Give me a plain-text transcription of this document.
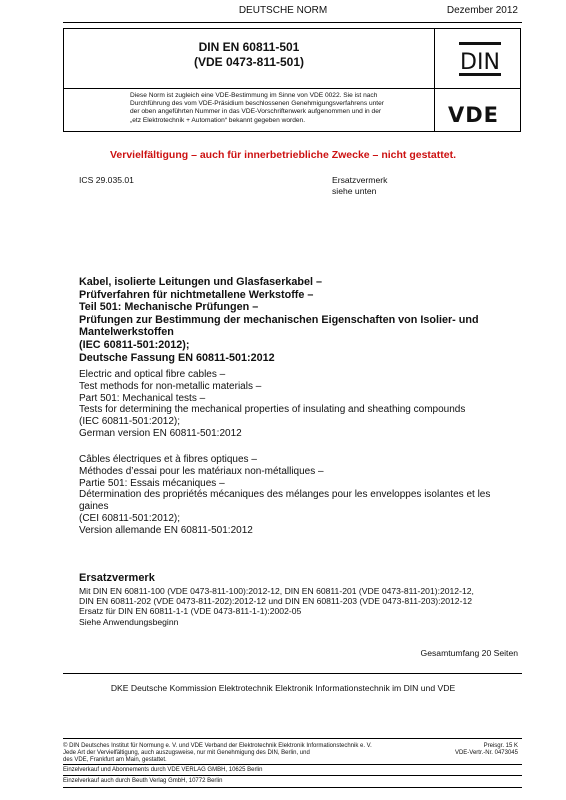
DEUTSCHE NORM	Dezember 2012
DIN EN 60811-501
(VDE 0473-811-501)	DIN
Diese Norm ist zugleich eine VDE-Bestimmung im Sinne von VDE 0022. Sie ist nach
Durchführung des vom VDE-Präsidium beschlossenen Genehmigungsverfahrens unter
der oben angeführten Nummer in das VDE-Vorschriftenwerk aufgenommen und in der
„etz Elektrotechnik + Automation“ bekannt gegeben worden.	VDE
Vervielfältigung – auch für innerbetriebliche Zwecke – nicht gestattet.
ICS 29.035.01	Ersatzvermerk
siehe unten
Kabel, isolierte Leitungen und Glasfaserkabel –
Prüfverfahren für nichtmetallene Werkstoffe –
Teil 501: Mechanische Prüfungen –
Prüfungen zur Bestimmung der mechanischen Eigenschaften von Isolier- und
Mantelwerkstoffen
(IEC 60811-501:2012);
Deutsche Fassung EN 60811-501:2012
Electric and optical fibre cables –
Test methods for non-metallic materials –
Part 501: Mechanical tests –
Tests for determining the mechanical properties of insulating and sheathing compounds
(IEC 60811-501:2012);
German version EN 60811-501:2012
Câbles électriques et à fibres optiques –
Méthodes d’essai pour les matériaux non-métalliques –
Partie 501: Essais mécaniques –
Détermination des propriétés mécaniques des mélanges pour les enveloppes isolantes et les
gaines
(CEI 60811-501:2012);
Version allemande EN 60811-501:2012
Ersatzvermerk
Mit DIN EN 60811-100 (VDE 0473-811-100):2012-12, DIN EN 60811-201 (VDE 0473-811-201):2012-12,
DIN EN 60811-202 (VDE 0473-811-202):2012-12 und DIN EN 60811-203 (VDE 0473-811-203):2012-12
Ersatz für DIN EN 60811-1-1 (VDE 0473-811-1-1):2002-05
Siehe Anwendungsbeginn
Gesamtumfang 20 Seiten
DKE Deutsche Kommission Elektrotechnik Elektronik Informationstechnik im DIN und VDE
© DIN Deutsches Institut für Normung e. V. und VDE Verband der Elektrotechnik Elektronik Informationstechnik e. V.
Jede Art der Vervielfältigung, auch auszugsweise, nur mit Genehmigung des DIN, Berlin, und
des VDE, Frankfurt am Main, gestattet.
Preisgr. 15 K
VDE-Vertr.-Nr. 0473045
Einzelverkauf und Abonnements durch VDE VERLAG GMBH, 10625 Berlin
Einzelverkauf auch durch Beuth Verlag GmbH, 10772 Berlin
